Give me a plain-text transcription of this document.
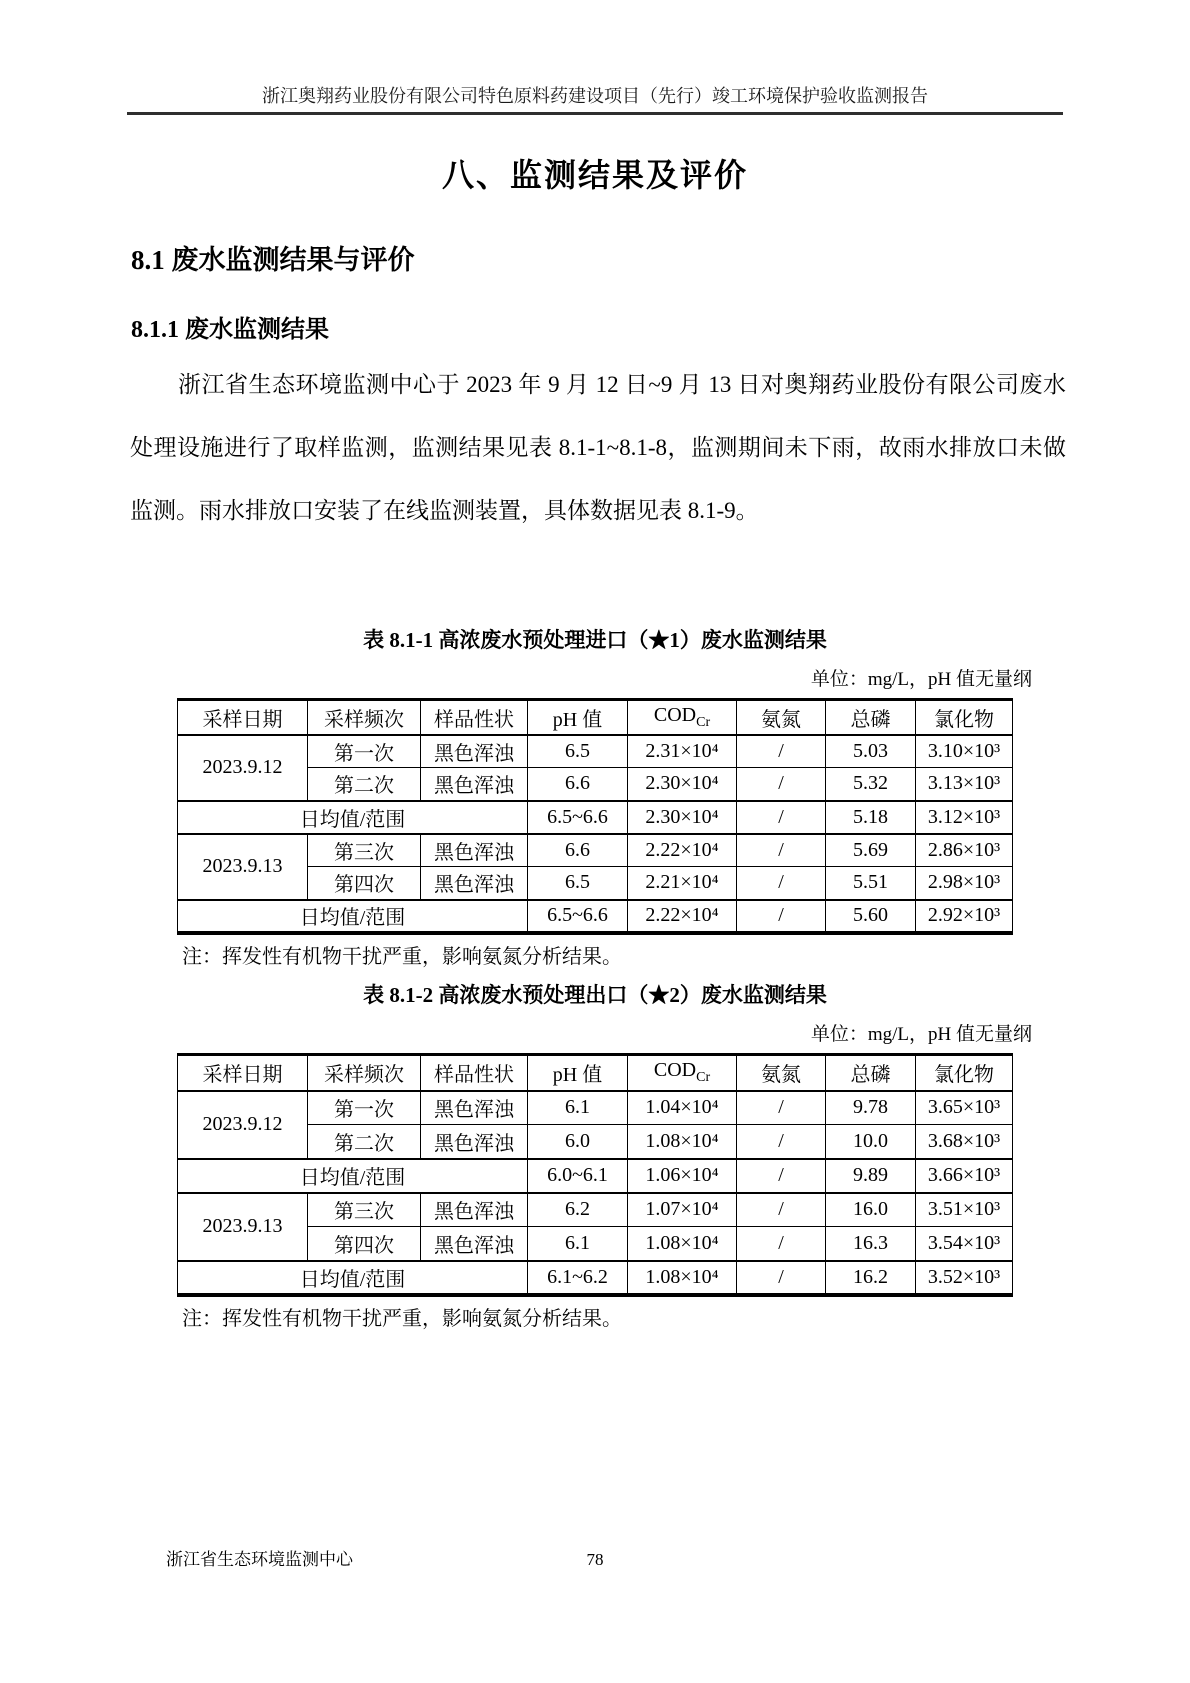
浙江奥翔药业股份有限公司特色原料药建设项目（先行）竣工环境保护验收监测报告
八、监测结果及评价
8.1 废水监测结果与评价
8.1.1 废水监测结果
浙江省生态环境监测中心于 2023 年 9 月 12 日~9 月 13 日对奥翔药业股份有限公司废水处理设施进行了取样监测，监测结果见表 8.1-1~8.1-8，监测期间未下雨，故雨水排放口未做监测。雨水排放口安装了在线监测装置，具体数据见表 8.1-9。
表 8.1-1 高浓废水预处理进口（★1）废水监测结果
单位：mg/L，pH 值无量纲
采样日期	采样频次	样品性状	pH 值	$COD_{Cr}$	氨氮	总磷	氯化物
2023.9.12	第一次	黑色浑浊	6.5	2.31×10⁴	/	5.03	3.10×10³
	第二次	黑色浑浊	6.6	2.30×10⁴	/	5.32	3.13×10³
日均值/范围			6.5~6.6	2.30×10⁴	/	5.18	3.12×10³
2023.9.13	第三次	黑色浑浊	6.6	2.22×10⁴	/	5.69	2.86×10³
	第四次	黑色浑浊	6.5	2.21×10⁴	/	5.51	2.98×10³
日均值/范围			6.5~6.6	2.22×10⁴	/	5.60	2.92×10³
注：挥发性有机物干扰严重，影响氨氮分析结果。
表 8.1-2 高浓废水预处理出口（★2）废水监测结果
单位：mg/L，pH 值无量纲
采样日期	采样频次	样品性状	pH 值	$COD_{Cr}$	氨氮	总磷	氯化物
2023.9.12	第一次	黑色浑浊	6.1	1.04×10⁴	/	9.78	3.65×10³
	第二次	黑色浑浊	6.0	1.08×10⁴	/	10.0	3.68×10³
日均值/范围			6.0~6.1	1.06×10⁴	/	9.89	3.66×10³
2023.9.13	第三次	黑色浑浊	6.2	1.07×10⁴	/	16.0	3.51×10³
	第四次	黑色浑浊	6.1	1.08×10⁴	/	16.3	3.54×10³
日均值/范围			6.1~6.2	1.08×10⁴	/	16.2	3.52×10³
注：挥发性有机物干扰严重，影响氨氮分析结果。
78
浙江省生态环境监测中心
